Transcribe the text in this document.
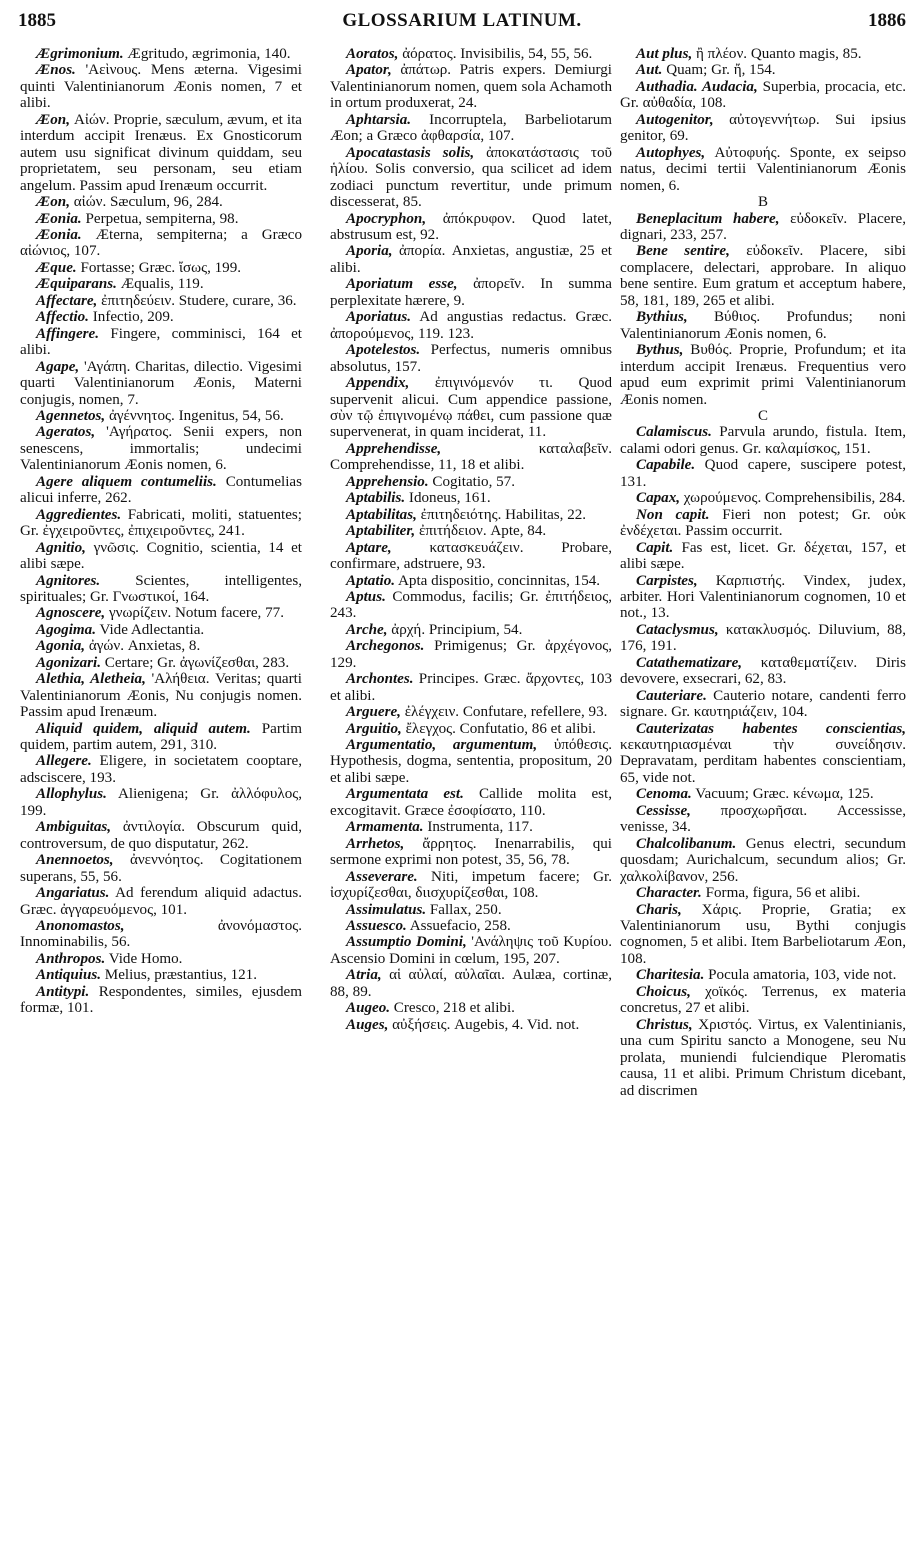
1885	GLOSSARIUM LATINUM.	1886

Ægrimonium. Ægritudo, ægrimonia, 140.

Ænos. 'Αεὶνους. Mens æterna. Vigesimi quinti Valentinianorum Æonis nomen, 7 et alibi.

Æon, Αἰών. Proprie, sæculum, ævum, et ita interdum accipit Irenæus. Ex Gnosticorum autem usu significat divinum quiddam, seu proprietatem, seu personam, seu etiam angelum. Passim apud Irenæum occurrit.

Æon, αἰών. Sæculum, 96, 284.

Æonia. Perpetua, sempiterna, 98.

Æonia. Æterna, sempiterna; a Græco αἰώνιος, 107.

Æque. Fortasse; Græc. ἴσως, 199.

Æquiparans. Æqualis, 119.

Affectare, ἐπιτηδεύειν. Studere, curare, 36.

Affectio. Infectio, 209.

Affingere. Fingere, comminisci, 164 et alibi.

Agape, 'Αγάπη. Charitas, dilectio. Vigesimi quarti Valentinianorum Æonis, Materni conjugis, nomen, 7.

Agennetos, ἀγέννητος. Ingenitus, 54, 56.

Ageratos, 'Αγήρατος. Senii expers, non senescens, immortalis; undecimi Valentinianorum Æonis nomen, 6.

Agere aliquem contumeliis. Contumelias alicui inferre, 262.

Aggredientes. Fabricati, moliti, statuentes; Gr. ἐγχειροῦντες, ἐπιχειροῦντες, 241.

Agnitio, γνῶσις. Cognitio, scientia, 14 et alibi sæpe.

Agnitores. Scientes, intelligentes, spirituales; Gr. Γνωστικοί, 164.

Agnoscere, γνωρίζειν. Notum facere, 77.

Agogima. Vide Adlectantia.

Agonia, ἀγών. Anxietas, 8.

Agonizari. Certare; Gr. ἀγωνίζεσθαι, 283.

Alethia, Aletheia, 'Αλήθεια. Veritas; quarti Valentinianorum Æonis, Nu conjugis nomen. Passim apud Irenæum.

Aliquid quidem, aliquid autem. Partim quidem, partim autem, 291, 310.

Allegere. Eligere, in societatem cooptare, adsciscere, 193.

Allophylus. Alienigena; Gr. ἀλλόφυλος, 199.

Ambiguitas, ἀντιλογία. Obscurum quid, controversum, de quo disputatur, 262.

Anennoetos, ἀνεννόητος. Cogitationem superans, 55, 56.

Angariatus. Ad ferendum aliquid adactus. Græc. ἀγγαρευόμενος, 101.

Anonomastos, ἀνονόμαστος. Innominabilis, 56.

Anthropos. Vide Homo.

Antiquius. Melius, præstantius, 121.

Antitypi. Respondentes, similes, ejusdem formæ, 101.

Aoratos, ἀόρατος. Invisibilis, 54, 55, 56.

Apator, ἀπάτωρ. Patris expers. Demiurgi Valentinianorum nomen, quem sola Achamoth in ortum produxerat, 24.

Aphtarsia. Incorruptela, Barbeliotarum Æon; a Græco ἀφθαρσία, 107.

Apocatastasis solis, ἀποκατάστασις τοῦ ἡλίου. Solis conversio, qua scilicet ad idem zodiaci punctum revertitur, unde primum discesserat, 85.

Apocryphon, ἀπόκρυφον. Quod latet, abstrusum est, 92.

Aporia, ἀπορία. Anxietas, angustiæ, 25 et alibi.

Aporiatum esse, ἀπορεῖν. In summa perplexitate hærere, 9.

Aporiatus. Ad angustias redactus. Græc. ἀπορούμενος, 119. 123.

Apotelestos. Perfectus, numeris omnibus absolutus, 157.

Appendix, ἐπιγινόμενόν τι. Quod supervenit alicui. Cum appendice passione, σὺν τῷ ἐπιγινομένῳ πάθει, cum passione quæ supervenerat, in quam inciderat, 11.

Apprehendisse, καταλαβεῖν. Comprehendisse, 11, 18 et alibi.

Apprehensio. Cogitatio, 57.

Aptabilis. Idoneus, 161.

Aptabilitas, ἐπιτηδειότης. Habilitas, 22.

Aptabiliter, ἐπιτήδειον. Apte, 84.

Aptare, κατασκευάζειν. Probare, confirmare, adstruere, 93.

Aptatio. Apta dispositio, concinnitas, 154.

Aptus. Commodus, facilis; Gr. ἐπιτήδειος, 243.

Arche, ἀρχή. Principium, 54.

Archegonos. Primigenus; Gr. ἀρχέγονος, 129.

Archontes. Principes. Græc. ἄρχοντες, 103 et alibi.

Arguere, ἐλέγχειν. Confutare, refellere, 93.

Arguitio, ἔλεγχος. Confutatio, 86 et alibi.

Argumentatio, argumentum, ὑπόθεσις. Hypothesis, dogma, sententia, propositum, 20 et alibi sæpe.

Argumentata est. Callide molita est, excogitavit. Græce ἐσοφίσατο, 110.

Armamenta. Instrumenta, 117.

Arrhetos, ἄρρητος. Inenarrabilis, qui sermone exprimi non potest, 35, 56, 78.

Asseverare. Niti, impetum facere; Gr. ἰσχυρίζεσθαι, διισχυρίζεσθαι, 108.

Assimulatus. Fallax, 250.

Assuesco. Assuefacio, 258.

Assumptio Domini, 'Ανάληψις τοῦ Κυρίου. Ascensio Domini in cœlum, 195, 207.

Atria, αἱ αὐλαί, αὐλαῖαι. Aulæa, cortinæ, 88, 89.

Augeo. Cresco, 218 et alibi.

Auges, αὐξήσεις. Augebis, 4. Vid. not.

Aut plus, ἢ πλέον. Quanto magis, 85.

Aut. Quam; Gr. ἤ, 154.

Authadia. Audacia, Superbia, procacia, etc. Gr. αὐθαδία, 108.

Autogenitor, αὐτογεννήτωρ. Sui ipsius genitor, 69.

Autophyes, Αὐτοφυής. Sponte, ex seipso natus, decimi tertii Valentinianorum Æonis nomen, 6.

B

Beneplacitum habere, εὐδοκεῖν. Placere, dignari, 233, 257.

Bene sentire, εὐδοκεῖν. Placere, sibi complacere, delectari, approbare. In aliquo bene sentire. Eum gratum et acceptum habere, 58, 181, 189, 265 et alibi.

Bythius, Βύθιος. Profundus; noni Valentinianorum Æonis nomen, 6.

Bythus, Βυθός. Proprie, Profundum; et ita interdum accipit Irenæus. Frequentius vero apud eum exprimit primi Valentinianorum Æonis nomen.

C

Calamiscus. Parvula arundo, fistula. Item, calami odori genus. Gr. καλαμίσκος, 151.

Capabile. Quod capere, suscipere potest, 131.

Capax, χωρούμενος. Comprehensibilis, 284.

Non capit. Fieri non potest; Gr. οὐκ ἐνδέχεται. Passim occurrit.

Capit. Fas est, licet. Gr. δέχεται, 157, et alibi sæpe.

Carpistes, Καρπιστής. Vindex, judex, arbiter. Hori Valentinianorum cognomen, 10 et not., 13.

Cataclysmus, κατακλυσμός. Diluvium, 88, 176, 191.

Catathematizare, καταθεματίζειν. Diris devovere, exsecrari, 62, 83.

Cauteriare. Cauterio notare, candenti ferro signare. Gr. καυτηριάζειν, 104.

Cauterizatas habentes conscientias, κεκαυτηριασμέναι τὴν συνείδησιν. Depravatam, perditam habentes conscientiam, 65, vide not.

Cenoma. Vacuum; Græc. κένωμα, 125.

Cessisse, προσχωρῆσαι. Accessisse, venisse, 34.

Chalcolibanum. Genus electri, secundum quosdam; Aurichalcum, secundum alios; Gr. χαλκολίβανον, 256.

Character. Forma, figura, 56 et alibi.

Charis, Χάρις. Proprie, Gratia; ex Valentinianorum usu, Bythi conjugis cognomen, 5 et alibi. Item Barbeliotarum Æon, 108.

Charitesia. Pocula amatoria, 103, vide not.

Choicus, χοϊκός. Terrenus, ex materia concretus, 27 et alibi.

Christus, Χριστός. Virtus, ex Valentinianis, una cum Spiritu sancto a Monogene, seu Nu prolata, muniendi fulciendique Pleromatis causa, 11 et alibi. Primum Christum dicebant, ad discrimen
